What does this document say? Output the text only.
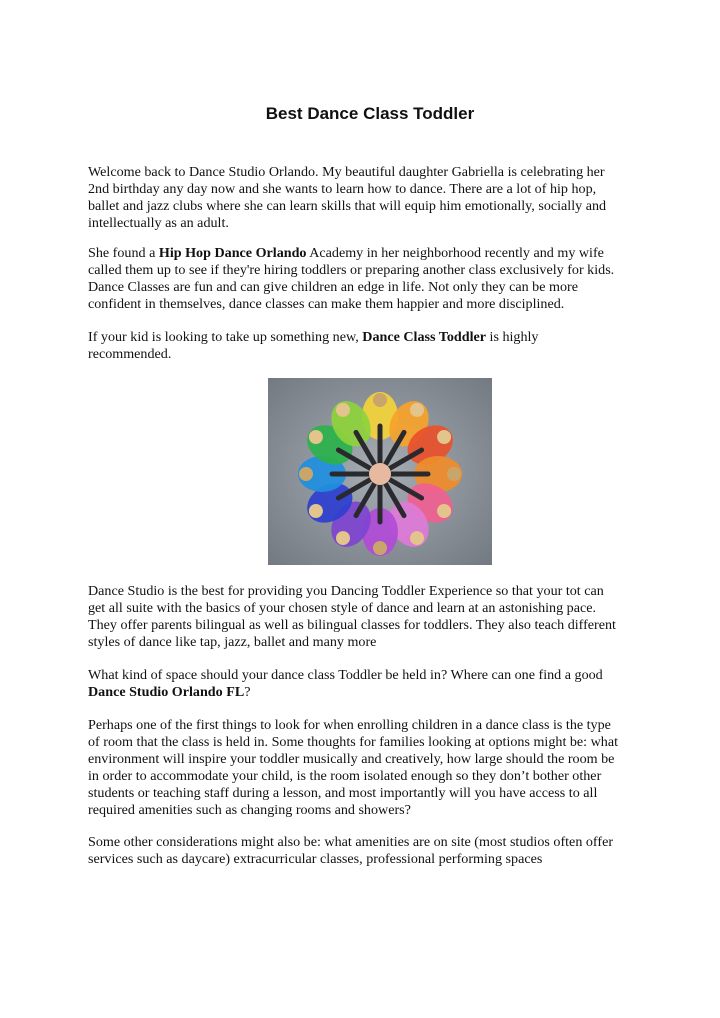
Best Dance Class Toddler

Welcome back to Dance Studio Orlando. My beautiful daughter Gabriella is celebrating her
2nd birthday any day now and she wants to learn how to dance. There are a lot of hip hop,
ballet and jazz clubs where she can learn skills that will equip him emotionally, socially and
intellectually as an adult.

She found a Hip Hop Dance Orlando Academy in her neighborhood recently and my wife
called them up to see if they're hiring toddlers or preparing another class exclusively for kids.
Dance Classes are fun and can give children an edge in life. Not only they can be more
confident in themselves, dance classes can make them happier and more disciplined.

If your kid is looking to take up something new, Dance Class Toddler is highly
recommended.

Dance Studio is the best for providing you Dancing Toddler Experience so that your tot can
get all suite with the basics of your chosen style of dance and learn at an astonishing pace.
They offer parents bilingual as well as bilingual classes for toddlers. They also teach different
styles of dance like tap, jazz, ballet and many more

What kind of space should your dance class Toddler be held in? Where can one find a good
Dance Studio Orlando FL?

Perhaps one of the first things to look for when enrolling children in a dance class is the type
of room that the class is held in. Some thoughts for families looking at options might be: what
environment will inspire your toddler musically and creatively, how large should the room be
in order to accommodate your child, is the room isolated enough so they don’t bother other
students or teaching staff during a lesson, and most importantly will you have access to all
required amenities such as changing rooms and showers?

Some other considerations might also be: what amenities are on site (most studios often offer
services such as daycare) extracurricular classes, professional performing spaces
